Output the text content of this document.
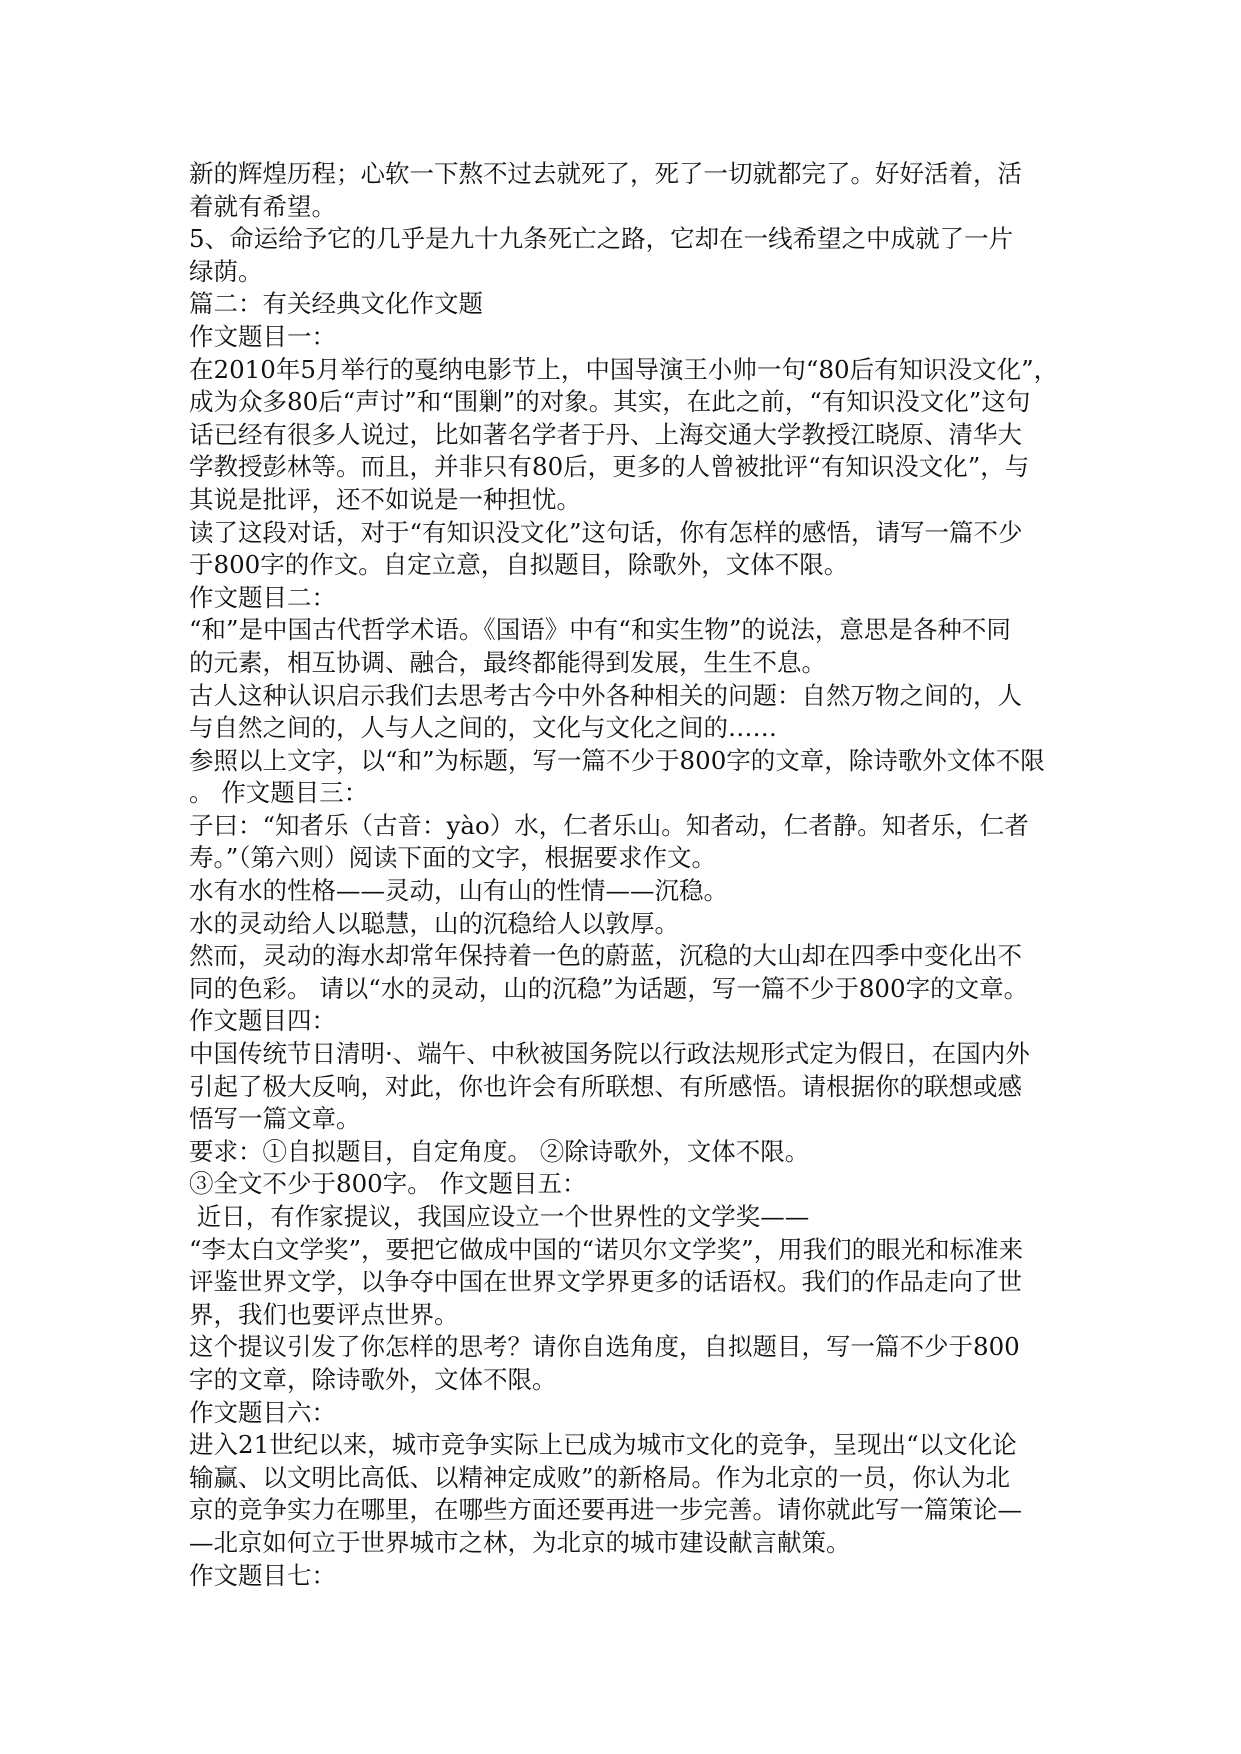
新的辉煌历程；心软一下熬不过去就死了，死了一切就都完了。好好活着，活
着就有希望。
5、命运给予它的几乎是九十九条死亡之路，它却在一线希望之中成就了一片
绿荫。
篇二：有关经典文化作文题
作文题目一：
在2010年5月举行的戛纳电影节上，中国导演王小帅一句“80后有知识没文化”，
成为众多80后“声讨”和“围剿”的对象。其实，在此之前，“有知识没文化”这句
话已经有很多人说过，比如著名学者于丹、上海交通大学教授江晓原、清华大
学教授彭林等。而且，并非只有80后，更多的人曾被批评“有知识没文化”，与
其说是批评，还不如说是一种担忧。
读了这段对话，对于“有知识没文化”这句话，你有怎样的感悟，请写一篇不少
于800字的作文。自定立意，自拟题目，除歌外，文体不限。
作文题目二：
“和”是中国古代哲学术语。《国语》中有“和实生物”的说法，意思是各种不同
的元素，相互协调、融合，最终都能得到发展，生生不息。
古人这种认识启示我们去思考古今中外各种相关的问题：自然万物之间的，人
与自然之间的，人与人之间的，文化与文化之间的……
参照以上文字，以“和”为标题，写一篇不少于800字的文章，除诗歌外文体不限
。 作文题目三：
子曰：“知者乐（古音：yào）水，仁者乐山。知者动，仁者静。知者乐，仁者
寿。”（第六则）阅读下面的文字，根据要求作文。
水有水的性格——灵动，山有山的性情——沉稳。
水的灵动给人以聪慧，山的沉稳给人以敦厚。
然而，灵动的海水却常年保持着一色的蔚蓝，沉稳的大山却在四季中变化出不
同的色彩。 请以“水的灵动，山的沉稳”为话题，写一篇不少于800字的文章。
作文题目四：
中国传统节日清明·、端午、中秋被国务院以行政法规形式定为假日，在国内外
引起了极大反响，对此，你也许会有所联想、有所感悟。请根据你的联想或感
悟写一篇文章。
要求：①自拟题目，自定角度。 ②除诗歌外，文体不限。
③全文不少于800字。 作文题目五：
近日，有作家提议，我国应设立一个世界性的文学奖——
“李太白文学奖”，要把它做成中国的“诺贝尔文学奖”，用我们的眼光和标准来
评鉴世界文学，以争夺中国在世界文学界更多的话语权。我们的作品走向了世
界，我们也要评点世界。
这个提议引发了你怎样的思考？请你自选角度，自拟题目，写一篇不少于800
字的文章，除诗歌外，文体不限。
作文题目六：
进入21世纪以来，城市竞争实际上已成为城市文化的竞争，呈现出“以文化论
输赢、以文明比高低、以精神定成败”的新格局。作为北京的一员，你认为北
京的竞争实力在哪里，在哪些方面还要再进一步完善。请你就此写一篇策论—
—北京如何立于世界城市之林，为北京的城市建设献言献策。
作文题目七：
